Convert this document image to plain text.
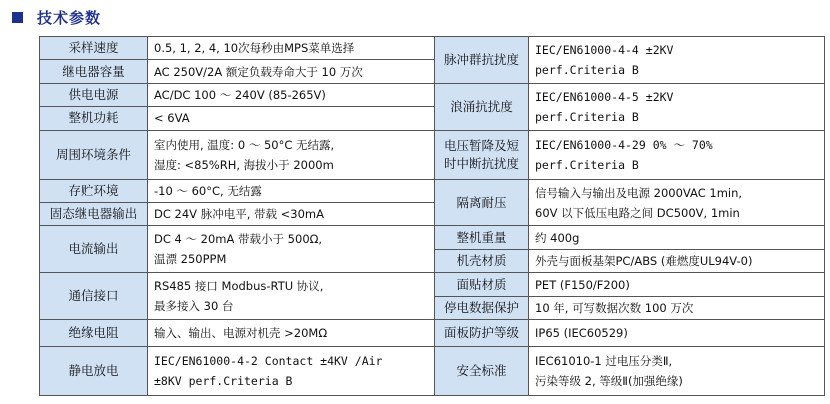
技术参数
采样速度	0.5, 1, 2, 4, 10次每秒由MPS菜单选择	脉冲群抗扰度	IEC/EN61000-4-4 ±2KV
perf.Criteria B

继电器容量	AC 250V/2A 额定负载寿命大于 10 万次		

供电电源	AC/DC 100 ～ 240V (85-265V)	浪涌抗扰度	IEC/EN61000-4-5 ±2KV
perf.Criteria B

整机功耗	< 6VA		

周围环境条件	室内使用, 温度: 0 ～ 50°C 无结露,
湿度: <85%RH, 海拔小于 2000m	电压暂降及短
时中断抗扰度	IEC/EN61000-4-29 0% ～ 70%
perf.Criteria B

存贮环境	-10 ～ 60°C, 无结露	隔离耐压	信号输入与输出及电源 2000VAC 1min,
60V 以下低压电路之间 DC500V, 1min

固态继电器输出	DC 24V 脉冲电平, 带载 <30mA		

电流输出	DC 4 ～ 20mA 带载小于 500Ω,
温漂 250PPM	整机重量	约 400g

		机壳材质	外壳与面板基架PC/ABS (难燃度UL94V-0)

通信接口	RS485 接口 Modbus-RTU 协议,
最多接入 30 台	面贴材质	PET (F150/F200)

		停电数据保护	10 年, 可写数据次数 100 万次

绝缘电阻	输入、输出、电源对机壳 >20MΩ	面板防护等级	IP65 (IEC60529)

静电放电	IEC/EN61000-4-2 Contact ±4KV /Air
±8KV perf.Criteria B	安全标准	IEC61010-1 过电压分类Ⅱ,
污染等级 2, 等级Ⅱ(加强绝缘)
